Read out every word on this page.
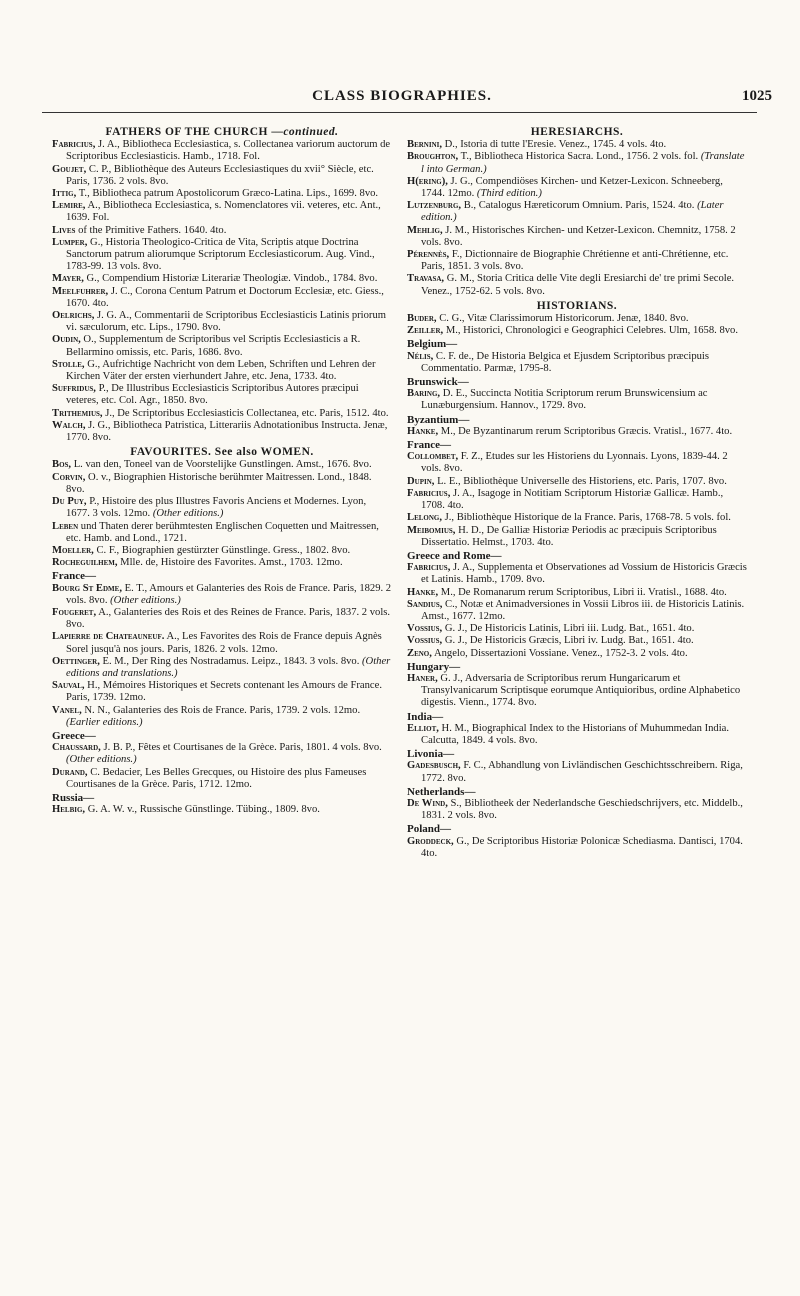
CLASS BIOGRAPHIES.	1025
FATHERS OF THE CHURCH —continued.

Fabricius, J. A., Bibliotheca Ecclesiastica, s. Collectanea variorum auctorum de Scriptoribus Ecclesiasticis. Hamb., 1718. Fol.

Goujet, C. P., Bibliothèque des Auteurs Ecclesiastiques du xvii° Siècle, etc. Paris, 1736. 2 vols. 8vo.

Ittig, T., Bibliotheca patrum Apostolicorum Græco-Latina. Lips., 1699. 8vo.

Lemire, A., Bibliotheca Ecclesiastica, s. Nomenclatores vii. veteres, etc. Ant., 1639. Fol.

Lives of the Primitive Fathers. 1640. 4to.

Lumper, G., Historia Theologico-Critica de Vita, Scriptis atque Doctrina Sanctorum patrum aliorumque Scriptorum Ecclesiasticorum. Aug. Vind., 1783-99. 13 vols. 8vo.

Mayer, G., Compendium Historiæ Literariæ Theologiæ. Vindob., 1784. 8vo.

Meelfuhrer, J. C., Corona Centum Patrum et Doctorum Ecclesiæ, etc. Giess., 1670. 4to.

Oelrichs, J. G. A., Commentarii de Scriptoribus Ecclesiasticis Latinis priorum vi. sæculorum, etc. Lips., 1790. 8vo.

Oudin, O., Supplementum de Scriptoribus vel Scriptis Ecclesiasticis a R. Bellarmino omissis, etc. Paris, 1686. 8vo.

Stolle, G., Aufrichtige Nachricht von dem Leben, Schriften und Lehren der Kirchen Väter der ersten vierhundert Jahre, etc. Jena, 1733. 4to.

Suffridus, P., De Illustribus Ecclesiasticis Scriptoribus Autores præcipui veteres, etc. Col. Agr., 1850. 8vo.

Trithemius, J., De Scriptoribus Ecclesiasticis Collectanea, etc. Paris, 1512. 4to.

Walch, J. G., Bibliotheca Patristica, Litterariis Adnotationibus Instructa. Jenæ, 1770. 8vo.

FAVOURITES. See also WOMEN.

Bos, L. van den, Toneel van de Voorstelijke Gunstlingen. Amst., 1676. 8vo.

Corvin, O. v., Biographien Historische berühmter Maitressen. Lond., 1848. 8vo.

Du Puy, P., Histoire des plus Illustres Favoris Anciens et Modernes. Lyon, 1677. 3 vols. 12mo. (Other editions.)

Leben und Thaten derer berühmtesten Englischen Coquetten und Maitressen, etc. Hamb. and Lond., 1721.

Moeller, C. F., Biographien gestürzter Günstlinge. Gress., 1802. 8vo.

Rocheguilhem, Mlle. de, Histoire des Favorites. Amst., 1703. 12mo.

France—

Bourg St Edme, E. T., Amours et Galanteries des Rois de France. Paris, 1829. 2 vols. 8vo. (Other editions.)

Fougeret, A., Galanteries des Rois et des Reines de France. Paris, 1837. 2 vols. 8vo.

Lapierre de Chateauneuf. A., Les Favorites des Rois de France depuis Agnès Sorel jusqu'à nos jours. Paris, 1826. 2 vols. 12mo.

Oettinger, E. M., Der Ring des Nostradamus. Leipz., 1843. 3 vols. 8vo. (Other editions and translations.)

Sauval, H., Mémoires Historiques et Secrets contenant les Amours de France. Paris, 1739. 12mo.

Vanel, N. N., Galanteries des Rois de France. Paris, 1739. 2 vols. 12mo. (Earlier editions.)

Greece—

Chaussard, J. B. P., Fêtes et Courtisanes de la Grèce. Paris, 1801. 4 vols. 8vo. (Other editions.)

Durand, C. Bedacier, Les Belles Grecques, ou Histoire des plus Fameuses Courtisanes de la Grèce. Paris, 1712. 12mo.

Russia—

Helbig, G. A. W. v., Russische Günstlinge. Tübing., 1809. 8vo.

HERESIARCHS.

Bernini, D., Istoria di tutte l'Eresie. Venez., 1745. 4 vols. 4to.

Broughton, T., Bibliotheca Historica Sacra. Lond., 1756. 2 vols. fol. (Translate l into German.)

H(ering), J. G., Compendiöses Kirchen- und Ketzer-Lexicon. Schneeberg, 1744. 12mo. (Third edition.)

Lutzenburg, B., Catalogus Hæreticorum Omnium. Paris, 1524. 4to. (Later edition.)

Mehlig, J. M., Historisches Kirchen- und Ketzer-Lexicon. Chemnitz, 1758. 2 vols. 8vo.

Pérennès, F., Dictionnaire de Biographie Chrétienne et anti-Chrétienne, etc. Paris, 1851. 3 vols. 8vo.

Travasa, G. M., Storia Critica delle Vite degli Eresiarchi de' tre primi Secole. Venez., 1752-62. 5 vols. 8vo.

HISTORIANS.

Buder, C. G., Vitæ Clarissimorum Historicorum. Jenæ, 1840. 8vo.

Zeiller, M., Historici, Chronologici e Geographici Celebres. Ulm, 1658. 8vo.

Belgium—

Nélis, C. F. de., De Historia Belgica et Ejusdem Scriptoribus præcipuis Commentatio. Parmæ, 1795-8.

Brunswick—

Baring, D. E., Succincta Notitia Scriptorum rerum Brunswicensium ac Lunæburgensium. Hannov., 1729. 8vo.

Byzantium—

Hanke, M., De Byzantinarum rerum Scriptoribus Græcis. Vratisl., 1677. 4to.

France—

Collombet, F. Z., Etudes sur les Historiens du Lyonnais. Lyons, 1839-44. 2 vols. 8vo.

Dupin, L. E., Bibliothèque Universelle des Historiens, etc. Paris, 1707. 8vo.

Fabricius, J. A., Isagoge in Notitiam Scriptorum Historiæ Gallicæ. Hamb., 1708. 4to.

Lelong, J., Bibliothèque Historique de la France. Paris, 1768-78. 5 vols. fol.

Meibomius, H. D., De Galliæ Historiæ Periodis ac præcipuis Scriptoribus Dissertatio. Helmst., 1703. 4to.

Greece and Rome—

Fabricius, J. A., Supplementa et Observationes ad Vossium de Historicis Græcis et Latinis. Hamb., 1709. 8vo.

Hanke, M., De Romanarum rerum Scriptoribus, Libri ii. Vratisl., 1688. 4to.

Sandius, C., Notæ et Animadversiones in Vossii Libros iii. de Historicis Latinis. Amst., 1677. 12mo.

Vossius, G. J., De Historicis Latinis, Libri iii. Ludg. Bat., 1651. 4to.

Vossius, G. J., De Historicis Græcis, Libri iv. Ludg. Bat., 1651. 4to.

Zeno, Angelo, Dissertazioni Vossiane. Venez., 1752-3. 2 vols. 4to.

Hungary—

Haner, G. J., Adversaria de Scriptoribus rerum Hungaricarum et Transylvanicarum Scriptisque eorumque Antiquioribus, ordine Alphabetico digestis. Vienn., 1774. 8vo.

India—

Elliot, H. M., Biographical Index to the Historians of Muhummedan India. Calcutta, 1849. 4 vols. 8vo.

Livonia—

Gadesbusch, F. C., Abhandlung von Livländischen Geschichtsschreibern. Riga, 1772. 8vo.

Netherlands—

De Wind, S., Bibliotheek der Nederlandsche Geschiedschrijvers, etc. Middelb., 1831. 2 vols. 8vo.

Poland—

Groddeck, G., De Scriptoribus Historiæ Polonicæ Schediasma. Dantisci, 1704. 4to.
